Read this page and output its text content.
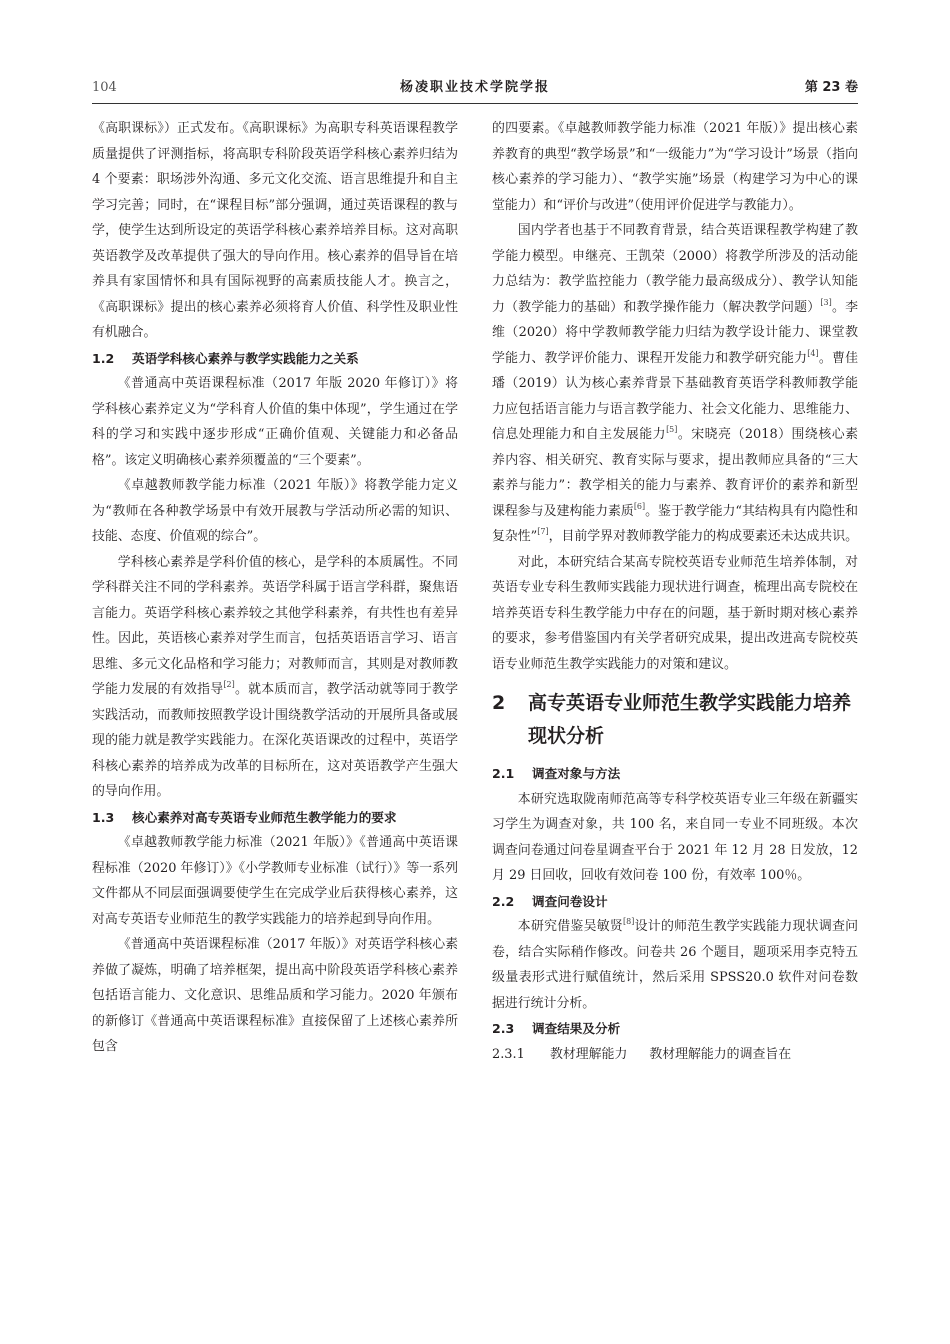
104	杨凌职业技术学院学报	第 23 卷

《高职课标》）正式发布。《高职课标》为高职专科英语课程教学质量提供了评测指标，将高职专科阶段英语学科核心素养归结为 4 个要素：职场涉外沟通、多元文化交流、语言思维提升和自主学习完善；同时，在“课程目标”部分强调，通过英语课程的教与学，使学生达到所设定的英语学科核心素养培养目标。这对高职英语教学及改革提供了强大的导向作用。核心素养的倡导旨在培养具有家国情怀和具有国际视野的高素质技能人才。换言之，《高职课标》提出的核心素养必须将育人价值、科学性及职业性有机融合。

1.2 英语学科核心素养与教学实践能力之关系

《普通高中英语课程标准（2017 年版 2020 年修订）》将学科核心素养定义为“学科育人价值的集中体现”，学生通过在学科的学习和实践中逐步形成“正确价值观、关键能力和必备品格”。该定义明确核心素养须覆盖的“三个要素”。

《卓越教师教学能力标准（2021 年版）》将教学能力定义为“教师在各种教学场景中有效开展教与学活动所必需的知识、技能、态度、价值观的综合”。

学科核心素养是学科价值的核心，是学科的本质属性。不同学科群关注不同的学科素养。英语学科属于语言学科群，聚焦语言能力。英语学科核心素养较之其他学科素养，有共性也有差异性。因此，英语核心素养对学生而言，包括英语语言学习、语言思维、多元文化品格和学习能力；对教师而言，其则是对教师教学能力发展的有效指导[2]。就本质而言，教学活动就等同于教学实践活动，而教师按照教学设计围绕教学活动的开展所具备或展现的能力就是教学实践能力。在深化英语课改的过程中，英语学科核心素养的培养成为改革的目标所在，这对英语教学产生强大的导向作用。

1.3	核心素养对高专英语专业师范生教学能力的要求

《卓越教师教学能力标准（2021 年版）》《普通高中英语课程标准（2020 年修订）》《小学教师专业标准（试行）》等一系列文件都从不同层面强调要使学生在完成学业后获得核心素养，这对高专英语专业师范生的教学实践能力的培养起到导向作用。

《普通高中英语课程标准（2017 年版）》对英语学科核心素养做了凝炼，明确了培养框架，提出高中阶段英语学科核心素养包括语言能力、文化意识、思维品质和学习能力。2020 年颁布的新修订《普通高中英语课程标准》直接保留了上述核心素养所包含

的四要素。《卓越教师教学能力标准（2021 年版）》提出核心素养教育的典型“教学场景”和“一级能力”为“学习设计”场景（指向核心素养的学习能力）、“教学实施”场景（构建学习为中心的课堂能力）和“评价与改进”（使用评价促进学与教能力）。

国内学者也基于不同教育背景，结合英语课程教学构建了教学能力模型。申继亮、王凯荣（2000）将教学所涉及的活动能力总结为：教学监控能力（教学能力最高级成分）、教学认知能力（教学能力的基础）和教学操作能力（解决教学问题）[3]。李维（2020）将中学教师教学能力归结为教学设计能力、课堂教学能力、教学评价能力、课程开发能力和教学研究能力[4]。曹佳璠（2019）认为核心素养背景下基础教育英语学科教师教学能力应包括语言能力与语言教学能力、社会文化能力、思维能力、信息处理能力和自主发展能力[5]。宋晓亮（2018）围绕核心素养内容、相关研究、教育实际与要求，提出教师应具备的“三大素养与能力”：教学相关的能力与素养、教育评价的素养和新型课程参与及建构能力素质[6]。鉴于教学能力“其结构具有内隐性和复杂性”[7]，目前学界对教师教学能力的构成要素还未达成共识。

对此，本研究结合某高专院校英语专业师范生培养体制，对英语专业专科生教师实践能力现状进行调查，梳理出高专院校在培养英语专科生教学能力中存在的问题，基于新时期对核心素养的要求，参考借鉴国内有关学者研究成果，提出改进高专院校英语专业师范生教学实践能力的对策和建议。

2	高专英语专业师范生教学实践能力培养现状分析
2.1 调查对象与方法

本研究选取陇南师范高等专科学校英语专业三年级在新疆实习学生为调查对象，共 100 名，来自同一专业不同班级。本次调查问卷通过问卷星调查平台于 2021 年 12 月 28 日发放，12 月 29 日回收，回收有效问卷 100 份，有效率 100％。

2.2 调查问卷设计

本研究借鉴吴敏贤[8]设计的师范生教学实践能力现状调查问卷，结合实际稍作修改。问卷共 26 个题目，题项采用李克特五级量表形式进行赋值统计，然后采用 SPSS20.0 软件对问卷数据进行统计分析。

2.3 调查结果及分析
2.3.1 教材理解能力 教材理解能力的调查旨在
